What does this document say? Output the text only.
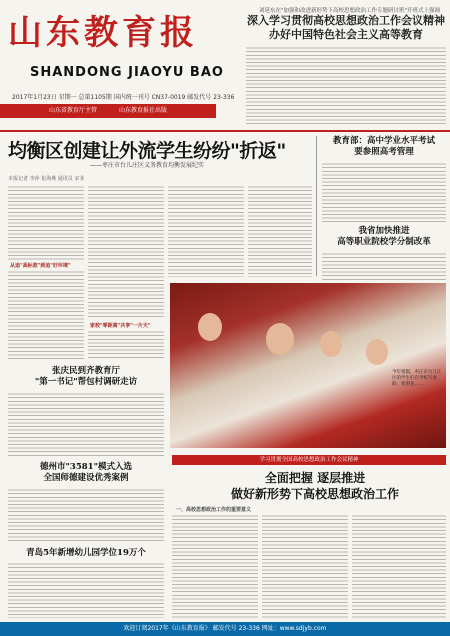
山东教育报
SHANDONG JIAOYU BAO
2017年1月23日 星期一 总第1105期 国内统一刊号 CN37-0019 邮发代号 23-336
山东省教育厅主管	山东教育报社出版
刘延东在"加强和改进新形势下高校思想政治工作专题研讨班"开班式上强调
深入学习贯彻高校思想政治工作会议精神
办好中国特色社会主义高等教育
均衡区创建让外流学生纷纷"折返"
——枣庄市台儿庄区义务教育均衡发展纪实
本报记者 李萍 崔海燕 通讯员 宋菲
从追"高标准"到追"好环境"
家校"零距离"共享"一片天"
教育部：高中学业水平考试
要参照高考管理
我省加快推进
高等职业院校学分制改革
今年寒假，枣庄市台儿庄区的学生们在学校写春联、剪窗花……
张庆民到齐教育厅
"第一书记"帮包村调研走访
德州市"3581"模式入选
全国师德建设优秀案例
青岛5年新增幼儿园学位19万个
学习贯彻全国高校思想政治工作会议精神
全面把握 逐层推进
做好新形势下高校思想政治工作
一、高校思想政治工作的重要意义
欢迎订阅2017年《山东教育报》 邮发代号 23-336 网址：www.sdjyb.com
